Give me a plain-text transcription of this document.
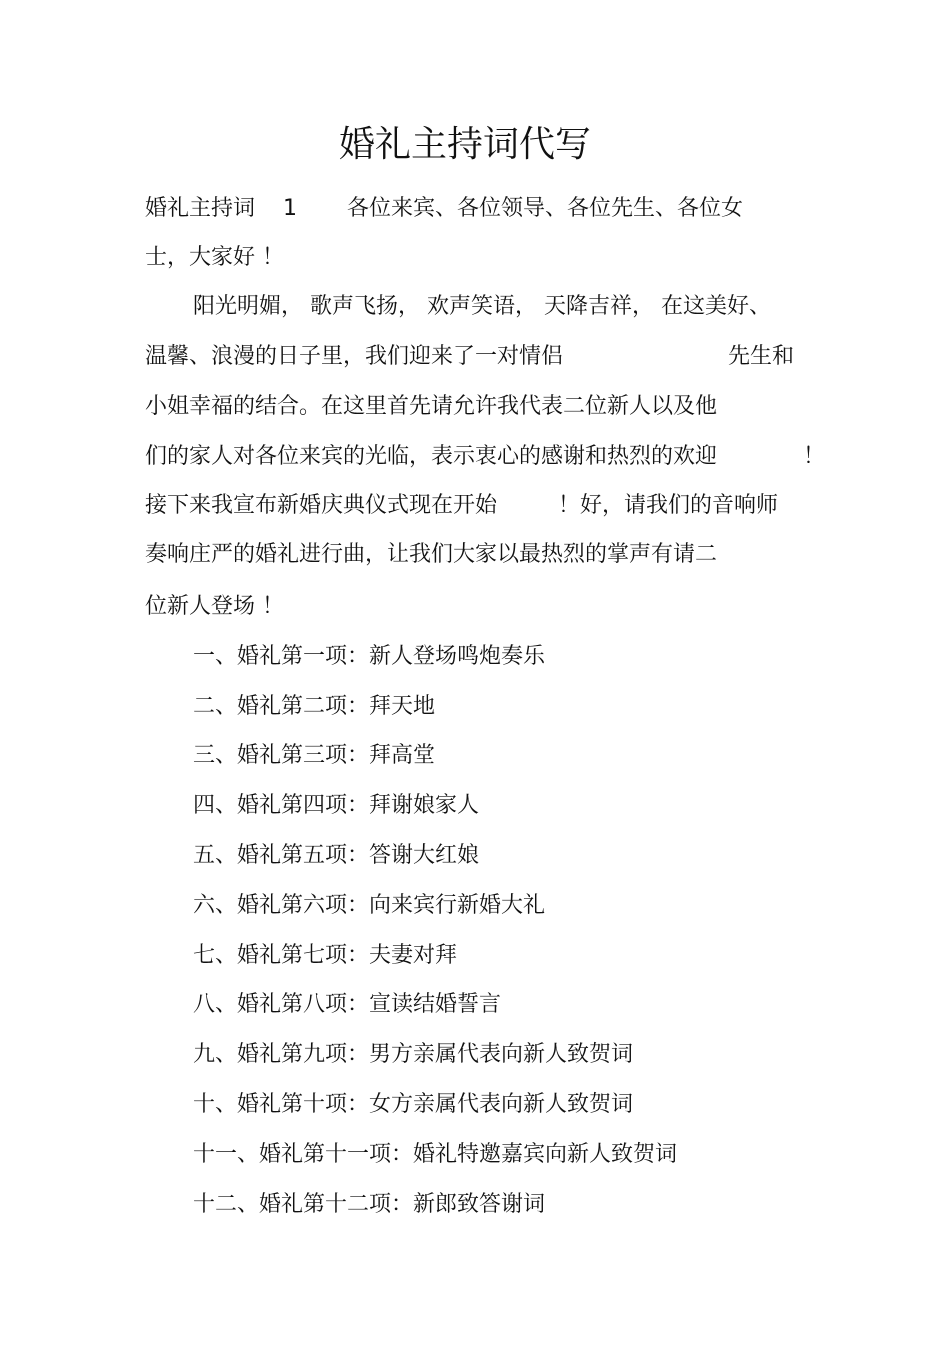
婚礼主持词代写
婚礼主持词 1 各位来宾、各位领导、各位先生、各位女
士，大家好 ！
阳光明媚， 歌声飞扬， 欢声笑语， 天降吉祥， 在这美好、
温馨、浪漫的日子里，我们迎来了一对情侣	先生和
小姐幸福的结合。在这里首先请允许我代表二位新人以及他
们的家人对各位来宾的光临，表示衷心的感谢和热烈的欢迎	！
接下来我宣布新婚庆典仪式现在开始	！好，请我们的音响师
奏响庄严的婚礼进行曲，让我们大家以最热烈的掌声有请二
位新人登场 ！
一、婚礼第一项：新人登场鸣炮奏乐
二、婚礼第二项：拜天地
三、婚礼第三项：拜高堂
四、婚礼第四项：拜谢娘家人
五、婚礼第五项：答谢大红娘
六、婚礼第六项：向来宾行新婚大礼
七、婚礼第七项：夫妻对拜
八、婚礼第八项：宣读结婚誓言
九、婚礼第九项：男方亲属代表向新人致贺词
十、婚礼第十项：女方亲属代表向新人致贺词
十一、婚礼第十一项：婚礼特邀嘉宾向新人致贺词
十二、婚礼第十二项：新郎致答谢词
